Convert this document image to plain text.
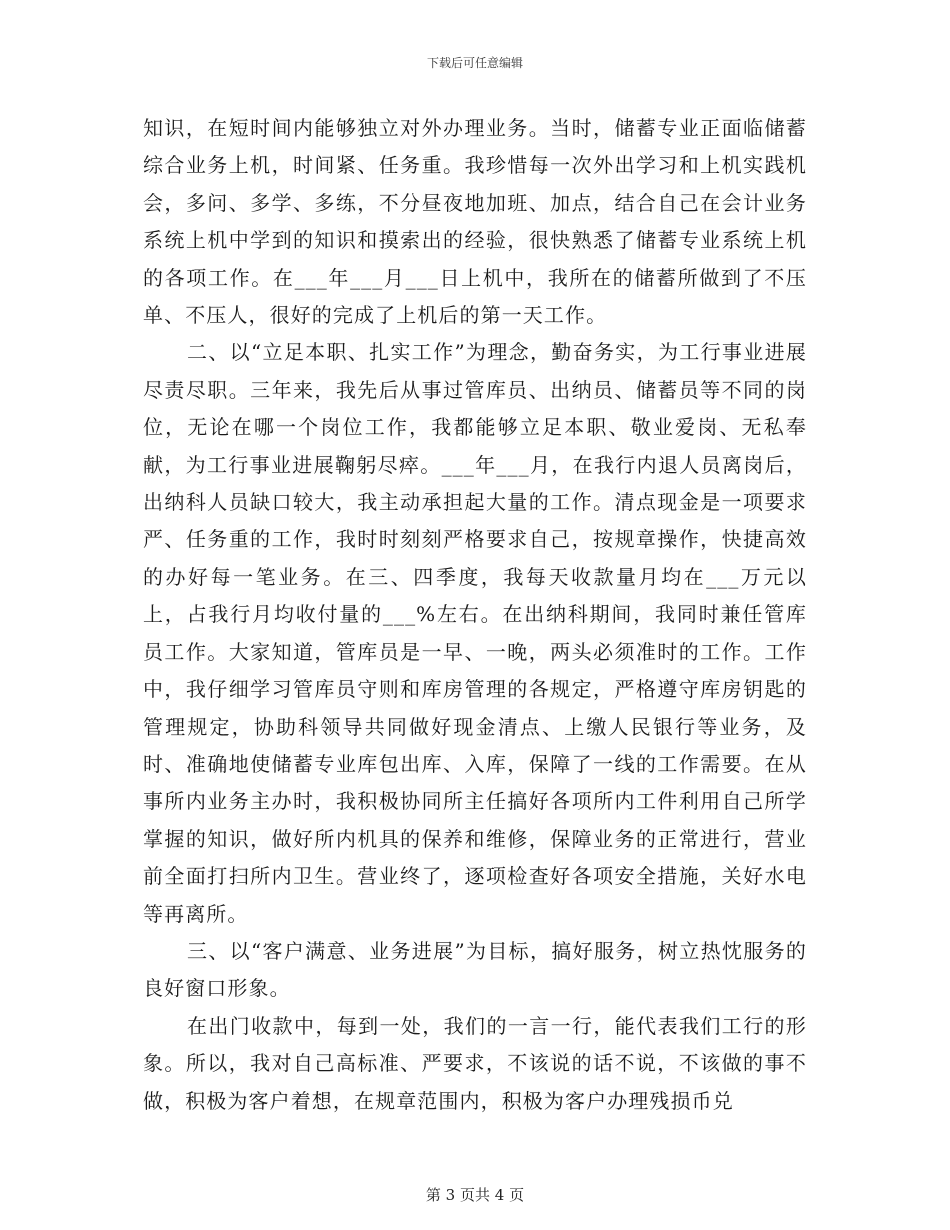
下载后可任意编辑

知识，在短时间内能够独立对外办理业务。当时，储蓄专业正面临储蓄综合业务上机，时间紧、任务重。我珍惜每一次外出学习和上机实践机会，多问、多学、多练，不分昼夜地加班、加点，结合自己在会计业务系统上机中学到的知识和摸索出的经验，很快熟悉了储蓄专业系统上机的各项工作。在___年___月___日上机中，我所在的储蓄所做到了不压单、不压人，很好的完成了上机后的第一天工作。

二、以“立足本职、扎实工作”为理念，勤奋务实，为工行事业进展尽责尽职。三年来，我先后从事过管库员、出纳员、储蓄员等不同的岗位，无论在哪一个岗位工作，我都能够立足本职、敬业爱岗、无私奉献，为工行事业进展鞠躬尽瘁。___年___月，在我行内退人员离岗后，出纳科人员缺口较大，我主动承担起大量的工作。清点现金是一项要求严、任务重的工作，我时时刻刻严格要求自己，按规章操作，快捷高效的办好每一笔业务。在三、四季度，我每天收款量月均在___万元以上，占我行月均收付量的___%左右。在出纳科期间，我同时兼任管库员工作。大家知道，管库员是一早、一晚，两头必须准时的工作。工作中，我仔细学习管库员守则和库房管理的各规定，严格遵守库房钥匙的管理规定，协助科领导共同做好现金清点、上缴人民银行等业务，及时、准确地使储蓄专业库包出库、入库，保障了一线的工作需要。在从事所内业务主办时，我积极协同所主任搞好各项所内工件利用自己所学掌握的知识，做好所内机具的保养和维修，保障业务的正常进行，营业前全面打扫所内卫生。营业终了，逐项检查好各项安全措施，关好水电等再离所。

三、以“客户满意、业务进展”为目标，搞好服务，树立热忱服务的良好窗口形象。

在出门收款中，每到一处，我们的一言一行，能代表我们工行的形象。所以，我对自己高标准、严要求，不该说的话不说，不该做的事不做，积极为客户着想，在规章范围内，积极为客户办理残损币兑

第 3 页共 4 页
